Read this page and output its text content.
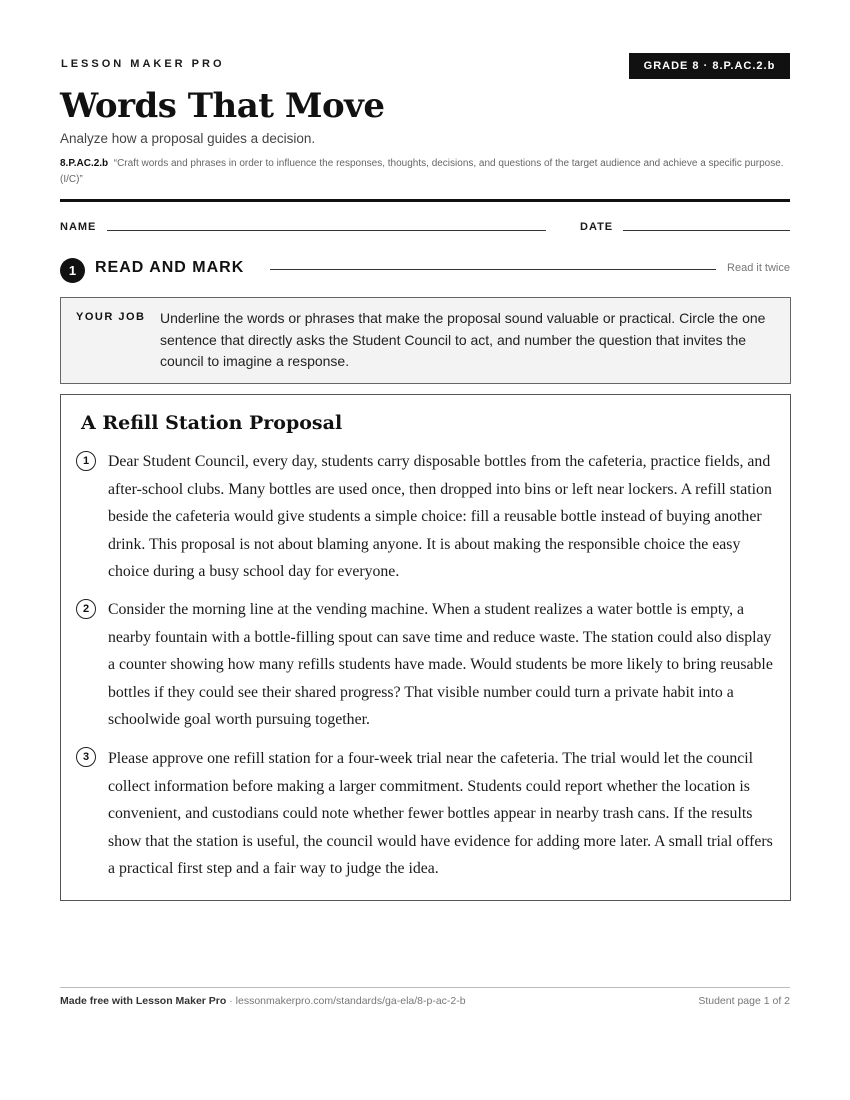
LESSON MAKER PRO	GRADE 8 · 8.P.AC.2.b
Words That Move
Analyze how a proposal guides a decision.
8.P.AC.2.b “Craft words and phrases in order to influence the responses, thoughts, decisions, and questions of the target audience and achieve a specific purpose. (I/C)”
NAME	DATE
1	READ AND MARK	Read it twice
YOUR JOB Underline the words or phrases that make the proposal sound valuable or practical. Circle the one sentence that directly asks the Student Council to act, and number the question that invites the council to imagine a response.
A Refill Station Proposal
1	Dear Student Council, every day, students carry disposable bottles from the cafeteria, practice fields, and after-school clubs. Many bottles are used once, then dropped into bins or left near lockers. A refill station beside the cafeteria would give students a simple choice: fill a reusable bottle instead of buying another drink. This proposal is not about blaming anyone. It is about making the responsible choice the easy choice during a busy school day for everyone.

2	Consider the morning line at the vending machine. When a student realizes a water bottle is empty, a nearby fountain with a bottle-filling spout can save time and reduce waste. The station could also display a counter showing how many refills students have made. Would students be more likely to bring reusable bottles if they could see their shared progress? That visible number could turn a private habit into a schoolwide goal worth pursuing together.

3	Please approve one refill station for a four-week trial near the cafeteria. The trial would let the council collect information before making a larger commitment. Students could report whether the location is convenient, and custodians could note whether fewer bottles appear in nearby trash cans. If the results show that the station is useful, the council would have evidence for adding more later. A small trial offers a practical first step and a fair way to judge the idea.

Made free with Lesson Maker Pro · lessonmakerpro.com/standards/ga-ela/8-p-ac-2-b	Student page 1 of 2
